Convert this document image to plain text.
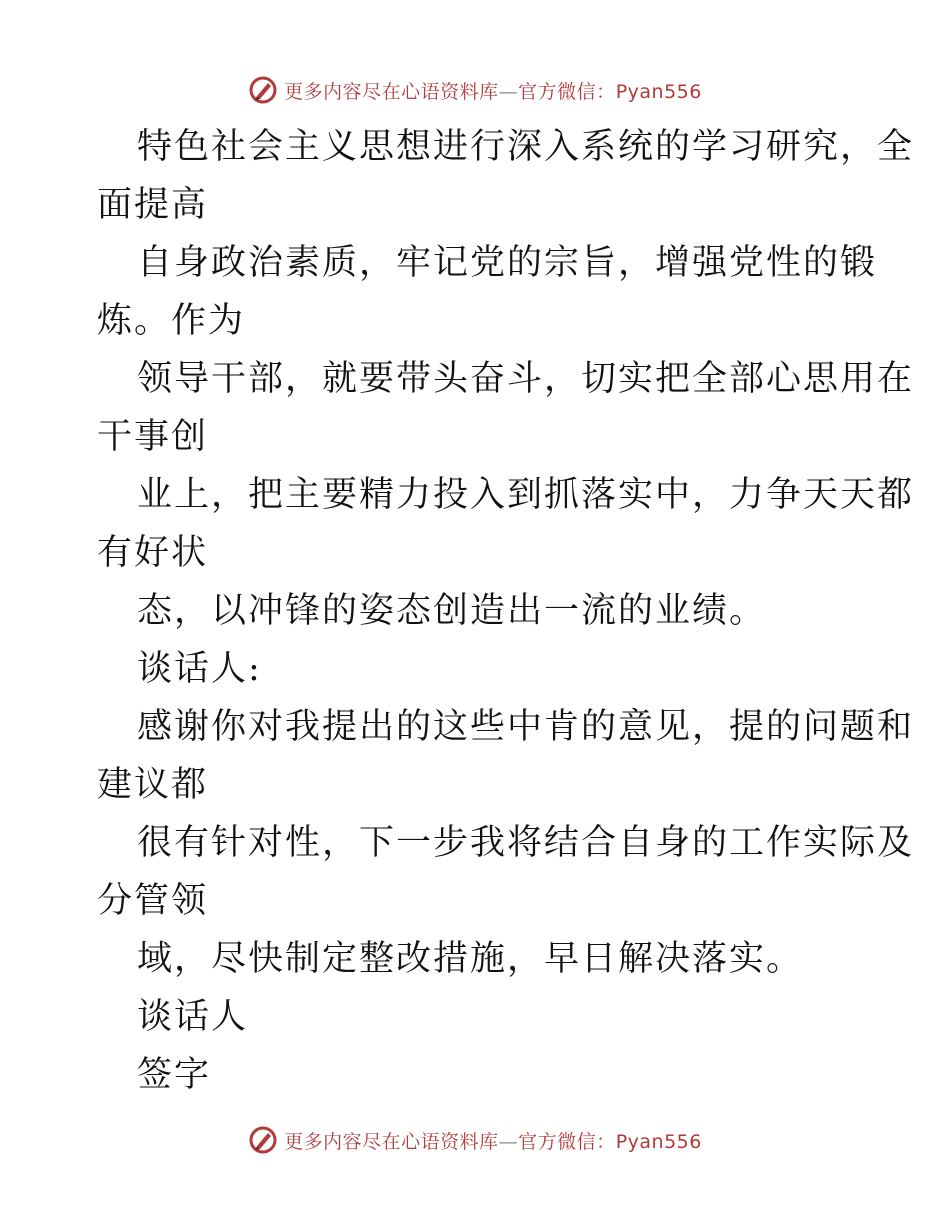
更多内容尽在心语资料库—官方微信：Pyan556
特色社会主义思想进行深入系统的学习研究，全
面提高
自身政治素质，牢记党的宗旨，增强党性的锻
炼。作为
领导干部，就要带头奋斗，切实把全部心思用在
干事创
业上，把主要精力投入到抓落实中，力争天天都
有好状
态，以冲锋的姿态创造出一流的业绩。
谈话人:
感谢你对我提出的这些中肯的意见，提的问题和
建议都
很有针对性，下一步我将结合自身的工作实际及
分管领
域，尽快制定整改措施，早日解决落实。
谈话人
签字
更多内容尽在心语资料库—官方微信：Pyan556
